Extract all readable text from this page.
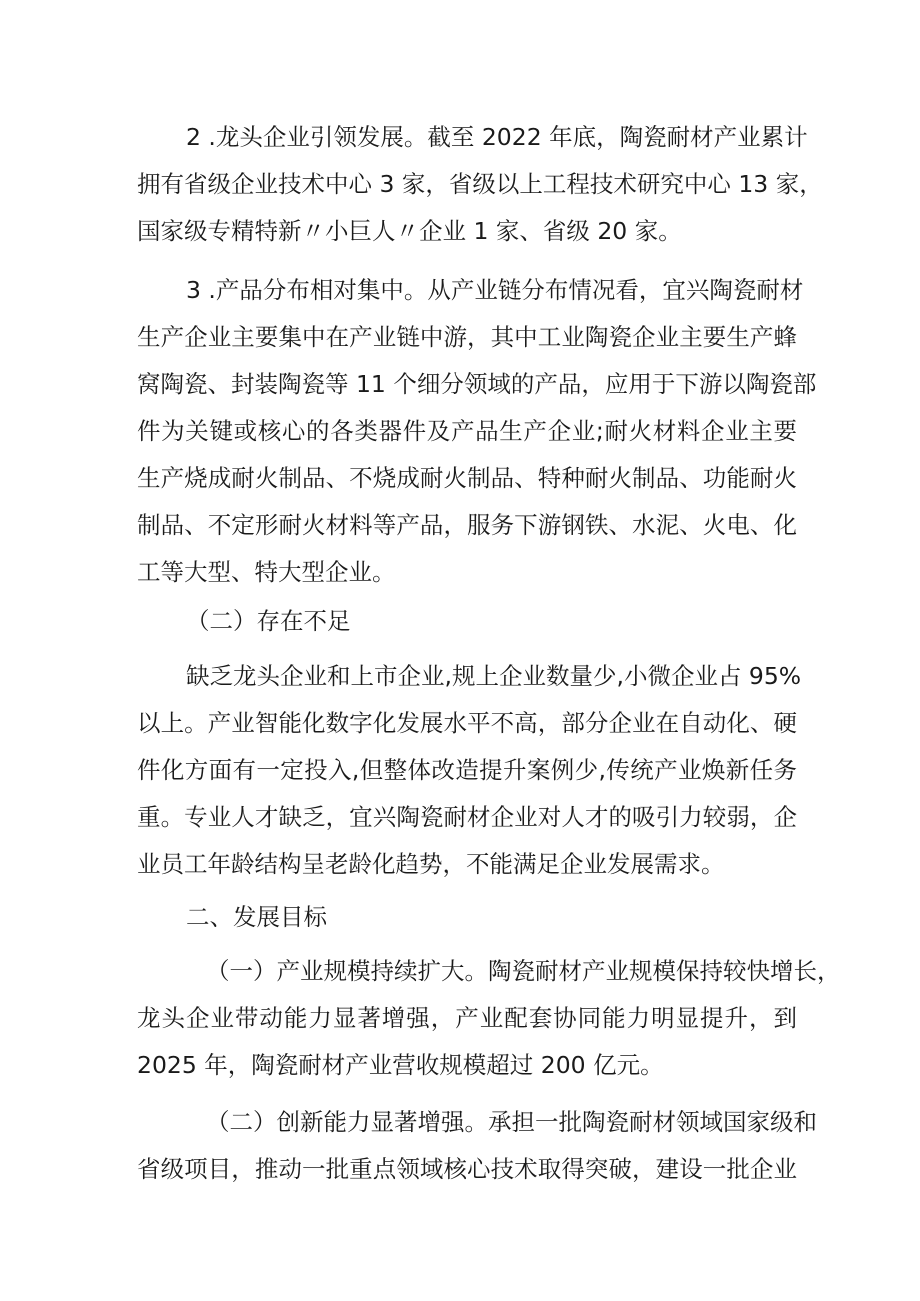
2 .龙头企业引领发展。截至 2022 年底，陶瓷耐材产业累计
拥有省级企业技术中心 3 家，省级以上工程技术研究中心 13 家，
国家级专精特新〃小巨人〃企业 1 家、省级 20 家。
3 .产品分布相对集中。从产业链分布情况看，宜兴陶瓷耐材
生产企业主要集中在产业链中游，其中工业陶瓷企业主要生产蜂
窝陶瓷、封装陶瓷等 11 个细分领域的产品，应用于下游以陶瓷部
件为关键或核心的各类器件及产品生产企业;耐火材料企业主要
生产烧成耐火制品、不烧成耐火制品、特种耐火制品、功能耐火
制品、不定形耐火材料等产品，服务下游钢铁、水泥、火电、化
工等大型、特大型企业。
（二）存在不足
缺乏龙头企业和上市企业,规上企业数量少,小微企业占 95%
以上。产业智能化数字化发展水平不高，部分企业在自动化、硬
件化方面有一定投入,但整体改造提升案例少,传统产业焕新任务
重。专业人才缺乏，宜兴陶瓷耐材企业对人才的吸引力较弱，企
业员工年龄结构呈老龄化趋势，不能满足企业发展需求。
二、发展目标
（一）产业规模持续扩大。陶瓷耐材产业规模保持较快增长，
龙头企业带动能力显著增强，产业配套协同能力明显提升，到
2025 年，陶瓷耐材产业营收规模超过 200 亿元。
（二）创新能力显著增强。承担一批陶瓷耐材领域国家级和
省级项目，推动一批重点领域核心技术取得突破，建设一批企业
